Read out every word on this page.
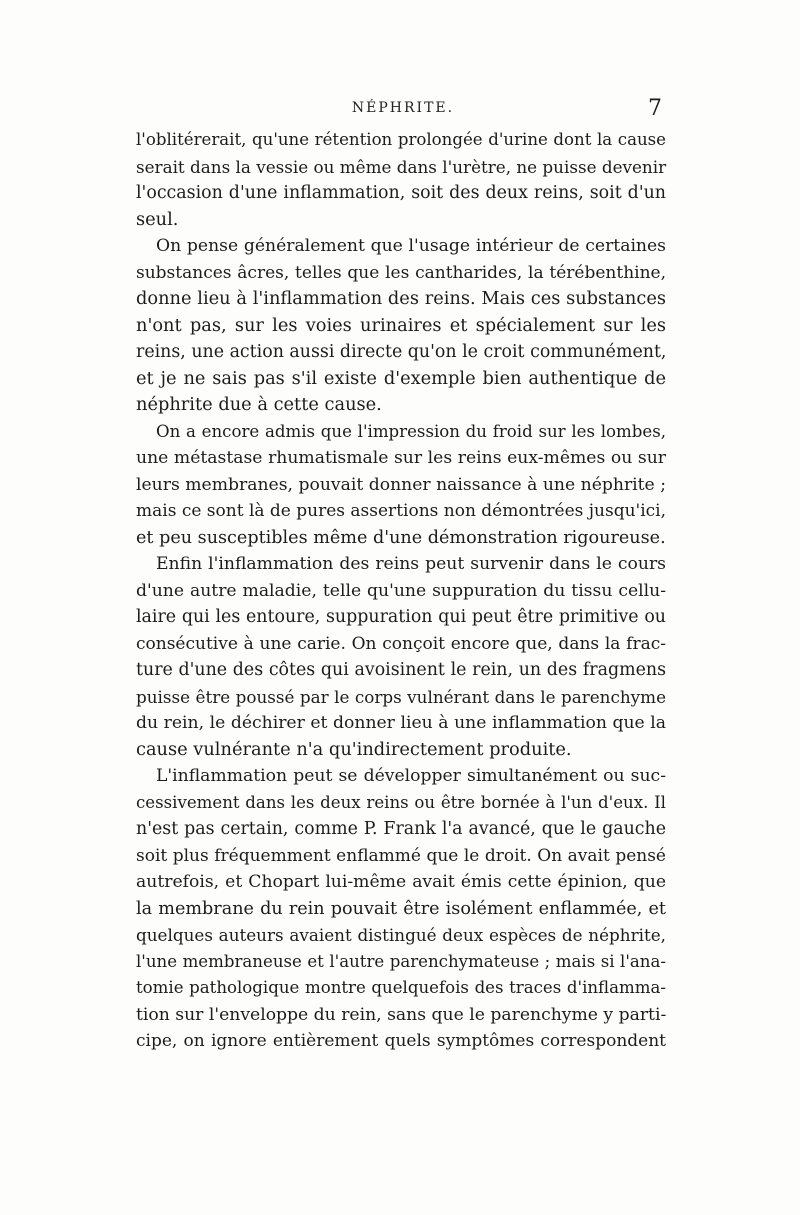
NÉPHRITE.	7
l'oblitérerait, qu'une rétention prolongée d'urine dont la cause
serait dans la vessie ou même dans l'urètre, ne puisse devenir
l'occasion d'une inflammation, soit des deux reins, soit d'un
seul.
On pense généralement que l'usage intérieur de certaines
substances âcres, telles que les cantharides, la térébenthine,
donne lieu à l'inflammation des reins. Mais ces substances
n'ont pas, sur les voies urinaires et spécialement sur les
reins, une action aussi directe qu'on le croit communément,
et je ne sais pas s'il existe d'exemple bien authentique de
néphrite due à cette cause.
On a encore admis que l'impression du froid sur les lombes,
une métastase rhumatismale sur les reins eux-mêmes ou sur
leurs membranes, pouvait donner naissance à une néphrite ;
mais ce sont là de pures assertions non démontrées jusqu'ici,
et peu susceptibles même d'une démonstration rigoureuse.
Enfin l'inflammation des reins peut survenir dans le cours
d'une autre maladie, telle qu'une suppuration du tissu cellu-
laire qui les entoure, suppuration qui peut être primitive ou
consécutive à une carie. On conçoit encore que, dans la frac-
ture d'une des côtes qui avoisinent le rein, un des fragmens
puisse être poussé par le corps vulnérant dans le parenchyme
du rein, le déchirer et donner lieu à une inflammation que la
cause vulnérante n'a qu'indirectement produite.
L'inflammation peut se développer simultanément ou suc-
cessivement dans les deux reins ou être bornée à l'un d'eux. Il
n'est pas certain, comme P. Frank l'a avancé, que le gauche
soit plus fréquemment enflammé que le droit. On avait pensé
autrefois, et Chopart lui-même avait émis cette épinion, que
la membrane du rein pouvait être isolément enflammée, et
quelques auteurs avaient distingué deux espèces de néphrite,
l'une membraneuse et l'autre parenchymateuse ; mais si l'ana-
tomie pathologique montre quelquefois des traces d'inflamma-
tion sur l'enveloppe du rein, sans que le parenchyme y parti-
cipe, on ignore entièrement quels symptômes correspondent
